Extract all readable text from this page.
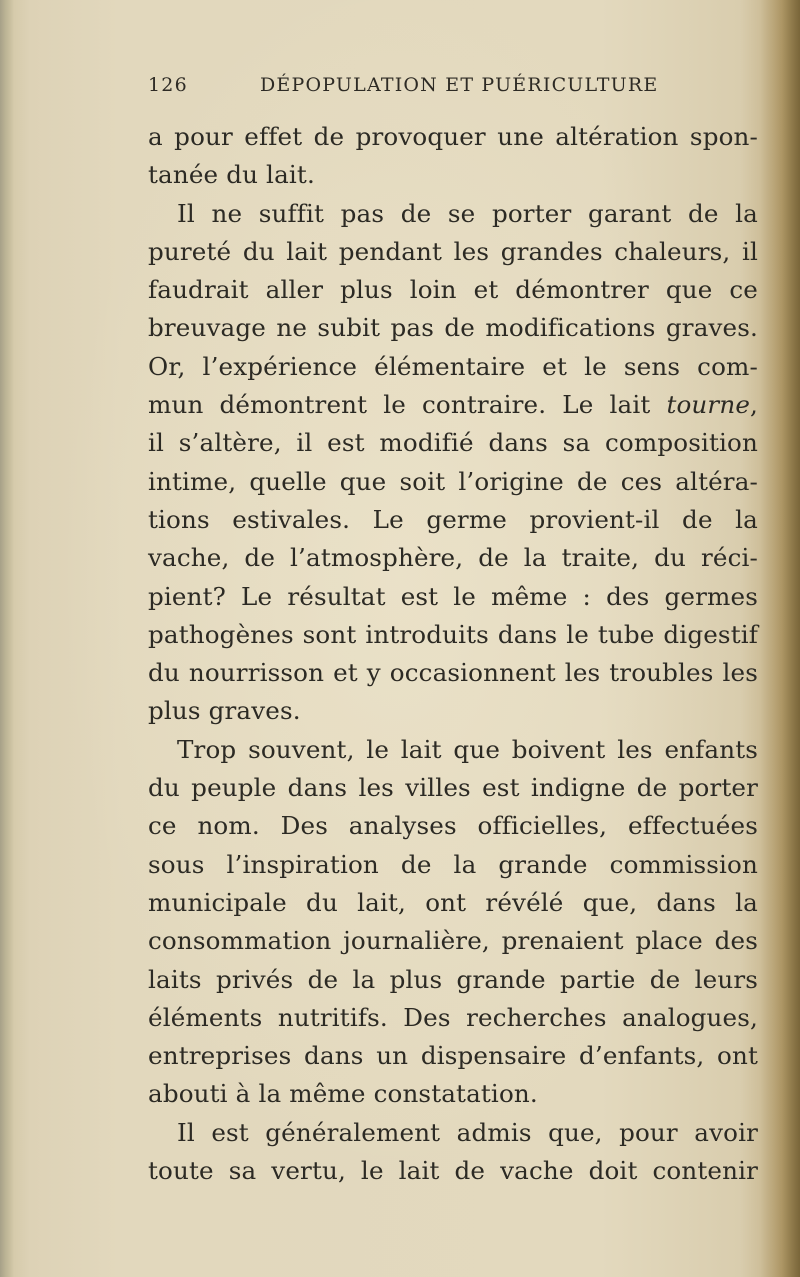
126	DÉPOPULATION ET PUÉRICULTURE
a pour effet de provoquer une altération spon-
tanée du lait.
Il ne suffit pas de se porter garant de la
pureté du lait pendant les grandes chaleurs, il
faudrait aller plus loin et démontrer que ce
breuvage ne subit pas de modifications graves.
Or, l’expérience élémentaire et le sens com-
mun démontrent le contraire. Le lait tourne,
il s’altère, il est modifié dans sa composition
intime, quelle que soit l’origine de ces altéra-
tions estivales. Le germe provient-il de la
vache, de l’atmosphère, de la traite, du réci-
pient? Le résultat est le même : des germes
pathogènes sont introduits dans le tube digestif
du nourrisson et y occasionnent les troubles les
plus graves.
Trop souvent, le lait que boivent les enfants
du peuple dans les villes est indigne de porter
ce nom. Des analyses officielles, effectuées
sous l’inspiration de la grande commission
municipale du lait, ont révélé que, dans la
consommation journalière, prenaient place des
laits privés de la plus grande partie de leurs
éléments nutritifs. Des recherches analogues,
entreprises dans un dispensaire d’enfants, ont
abouti à la même constatation.
Il est généralement admis que, pour avoir
toute sa vertu, le lait de vache doit contenir
